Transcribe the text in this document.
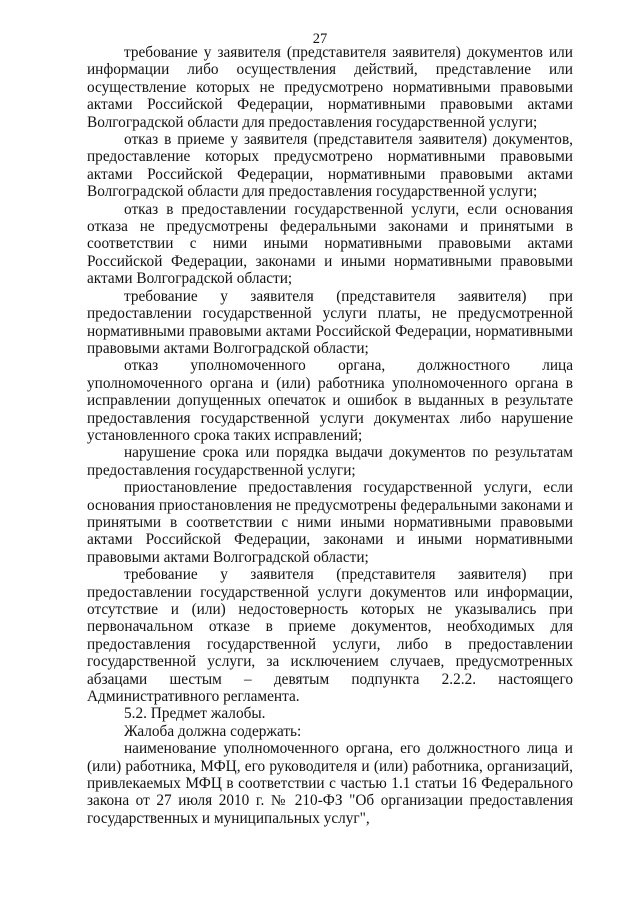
27

требование у заявителя (представителя заявителя) документов или информации либо осуществления действий, представление или осуществление которых не предусмотрено нормативными правовыми актами Российской Федерации, нормативными правовыми актами Волгоградской области для предоставления государственной услуги;

отказ в приеме у заявителя (представителя заявителя) документов, предоставление которых предусмотрено нормативными правовыми актами Российской Федерации, нормативными правовыми актами Волгоградской области для предоставления государственной услуги;

отказ в предоставлении государственной услуги, если основания отказа не предусмотрены федеральными законами и принятыми в соответствии с ними иными нормативными правовыми актами Российской Федерации, законами и иными нормативными правовыми актами Волгоградской области;

требование у заявителя (представителя заявителя) при предоставлении государственной услуги платы, не предусмотренной нормативными правовыми актами Российской Федерации, нормативными правовыми актами Волгоградской области;

отказ уполномоченного органа, должностного лица уполномоченного органа и (или) работника уполномоченного органа в исправлении допущенных опечаток и ошибок в выданных в результате предоставления государственной услуги документах либо нарушение установленного срока таких исправлений;

нарушение срока или порядка выдачи документов по результатам предоставления государственной услуги;

приостановление предоставления государственной услуги, если основания приостановления не предусмотрены федеральными законами и принятыми в соответствии с ними иными нормативными правовыми актами Российской Федерации, законами и иными нормативными правовыми актами Волгоградской области;

требование у заявителя (представителя заявителя) при предоставлении государственной услуги документов или информации, отсутствие и (или) недостоверность которых не указывались при первоначальном отказе в приеме документов, необходимых для предоставления государственной услуги, либо в предоставлении государственной услуги, за исключением случаев, предусмотренных абзацами шестым – девятым подпункта 2.2.2. настоящего Административного регламента.

5.2. Предмет жалобы.

Жалоба должна содержать:

наименование уполномоченного органа, его должностного лица и (или) работника, МФЦ, его руководителя и (или) работника, организаций, привлекаемых МФЦ в соответствии с частью 1.1 статьи 16 Федерального закона от 27 июля 2010 г. № 210-ФЗ "Об организации предоставления государственных и муниципальных услуг",
